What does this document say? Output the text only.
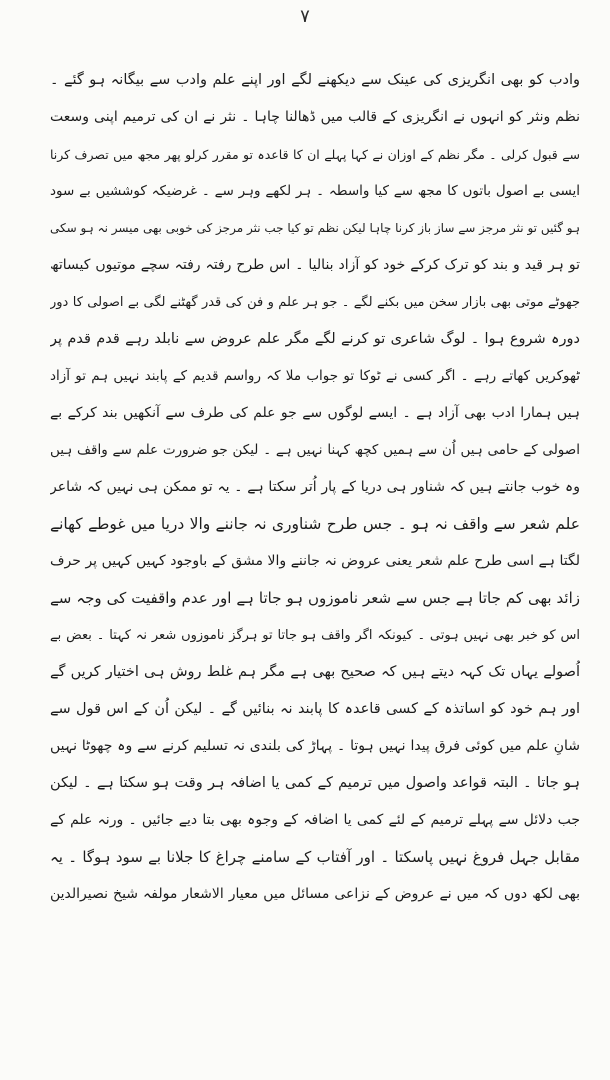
۷
وادب کو بھی انگریزی کی عینک سے دیکھنے لگے اور اپنے علم وادب سے بیگانہ ہو گئے ۔
نظم ونثر کو انہوں نے انگریزی کے قالب میں ڈھالنا چاہا ۔ نثر نے ان کی ترمیم اپنی وسعت
سے قبول کرلی ۔ مگر نظم کے اوزان نے کہا پہلے ان کا قاعدہ تو مقرر کرلو پھر مجھ میں تصرف کرنا
ایسی بے اصول باتوں کا مجھ سے کیا واسطہ ۔ ہر لکھے وہر سے ۔ غرضیکہ کوششیں بے سود
ہو گئیں تو نثر مرجز سے ساز باز کرنا چاہا لیکن نظم تو کیا جب نثر مرجز کی خوبی بھی میسر نہ ہو سکی
تو ہر قید و بند کو ترک کرکے خود کو آزاد بنالیا ۔ اس طرح رفتہ رفتہ سچے موتیوں کیساتھ
جھوٹے موتی بھی بازار سخن میں بکنے لگے ۔ جو ہر علم و فن کی قدر گھٹنے لگی بے اصولی کا دور
دورہ شروع ہوا ۔ لوگ شاعری تو کرنے لگے مگر علم عروض سے نابلد رہے قدم قدم پر
ٹھوکریں کھاتے رہے ۔ اگر کسی نے ٹوکا تو جواب ملا کہ رواسم قدیم کے پابند نہیں ہم تو آزاد
ہیں ہمارا ادب بھی آزاد ہے ۔ ایسے لوگوں سے جو علم کی طرف سے آنکھیں بند کرکے بے
اصولی کے حامی ہیں اُن سے ہمیں کچھ کہنا نہیں ہے ۔ لیکن جو ضرورت علم سے واقف ہیں
وہ خوب جانتے ہیں کہ شناور ہی دریا کے پار اُتر سکتا ہے ۔ یہ تو ممکن ہی نہیں کہ شاعر
علم شعر سے واقف نہ ہو ۔ جس طرح شناوری نہ جاننے والا دریا میں غوطے کھانے
لگتا ہے اسی طرح علم شعر یعنی عروض نہ جاننے والا مشق کے باوجود کہیں کہیں پر حرف
زائد بھی کم جاتا ہے جس سے شعر ناموزوں ہو جاتا ہے اور عدم واقفیت کی وجہ سے
اس کو خبر بھی نہیں ہوتی ۔ کیونکہ اگر واقف ہو جاتا تو ہرگز ناموزوں شعر نہ کہتا ۔ بعض بے
اُصولے یہاں تک کہہ دیتے ہیں کہ صحیح بھی ہے مگر ہم غلط روش ہی اختیار کریں گے
اور ہم خود کو اساتذہ کے کسی قاعدہ کا پابند نہ بنائیں گے ۔ لیکن اُن کے اس قول سے
شانِ علم میں کوئی فرق پیدا نہیں ہوتا ۔ پہاڑ کی بلندی نہ تسلیم کرنے سے وہ چھوٹا نہیں
ہو جاتا ۔ البتہ قواعد واصول میں ترمیم کے کمی یا اضافہ ہر وقت ہو سکتا ہے ۔ لیکن
جب دلائل سے پہلے ترمیم کے لئے کمی یا اضافہ کے وجوہ بھی بتا دیے جائیں ۔ ورنہ علم کے
مقابل جہل فروغ نہیں پاسکتا ۔ اور آفتاب کے سامنے چراغ کا جلانا بے سود ہوگا ۔ یہ
بھی لکھ دوں کہ میں نے عروض کے نزاعی مسائل میں معیار الاشعار مولفہ شیخ نصیرالدین
